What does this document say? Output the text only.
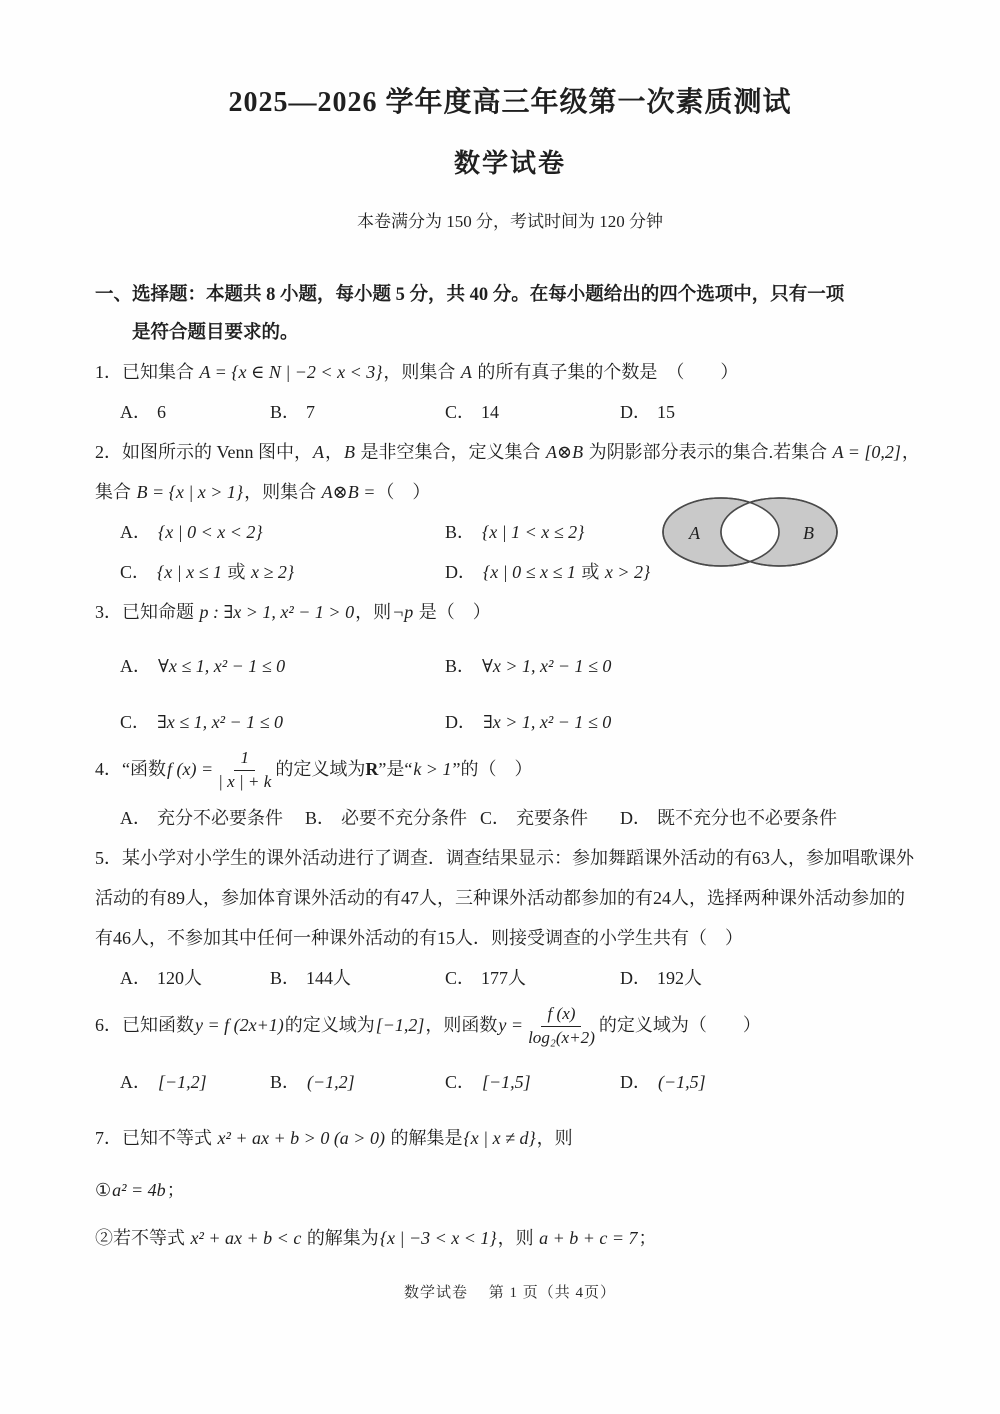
2025—2026 学年度高三年级第一次素质测试
数学试卷

本卷满分为 150 分，考试时间为 120 分钟

一、选择题：本题共 8 小题，每小题 5 分，共 40 分。在每小题给出的四个选项中，只有一项
是符合题目要求的。
1．已知集合 A = {x ∈ N | −2 < x < 3}，则集合 A 的所有真子集的个数是　（　　）
A． 6	B． 7	C． 14	D． 15
2．如图所示的 Venn 图中，A，B 是非空集合，定义集合 A⊗B 为阴影部分表示的集合.若集合 A = [0,2]，
集合 B = {x | x > 1}，则集合 A⊗B =（　）
A． {x | 0 < x < 2}	B． {x | 1 < x ≤ 2}
C． {x | x ≤ 1 或 x ≥ 2}	D． {x | 0 ≤ x ≤ 1 或 x > 2}
A	B
3．已知命题 p : ∃x > 1, x² − 1 > 0，则¬p 是（　）
A． ∀x ≤ 1, x² − 1 ≤ 0	B． ∀x > 1, x² − 1 ≤ 0
C． ∃x ≤ 1, x² − 1 ≤ 0	D． ∃x > 1, x² − 1 ≤ 0
4．“函数 f $(x) = \frac{1}{| x | + k}$ 的定义域为 R ”是“ k > 1 ”的（　）
A． 充分不必要条件	B． 必要不充分条件 C． 充要条件	D． 既不充分也不必要条件
5．某小学对小学生的课外活动进行了调查．调查结果显示：参加舞蹈课外活动的有63人，参加唱歌课外
活动的有89人，参加体育课外活动的有47人，三种课外活动都参加的有24人，选择两种课外活动参加的
有46人，不参加其中任何一种课外活动的有15人．则接受调查的小学生共有（　）
A． 120人	B． 144人	C． 177人	D． 192人
6．已知函数 y = f (2x+1) 的定义域为 [−1,2] ，则函数 $y = \frac{f (x)}{\text{log₂(x+2)}}$ 的定义域为（　　）
A． [−1,2]	B． (−1,2]	C． [−1,5]	D． (−1,5]
7．已知不等式 x² + ax + b > 0 (a > 0) 的解集是{x | x ≠ d}，则
①a² = 4b；
②若不等式 x² + ax + b < c 的解集为{x | −3 < x < 1}，则 a + b + c = 7；
数学试卷　 第 1 页（共 4页）
